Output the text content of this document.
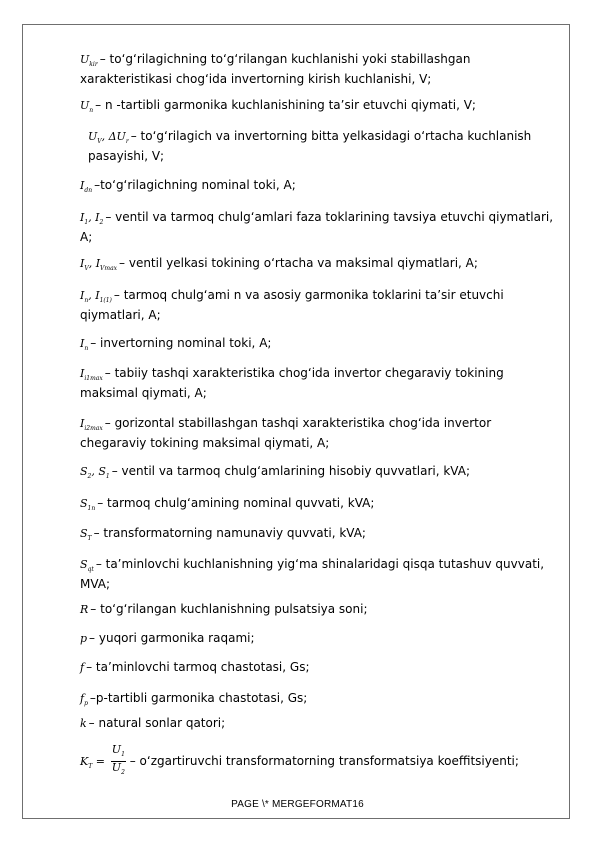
$U_{kir}$ – to‘g‘rilagichning to‘g‘rilangan kuchlanishi yoki stabillashgan xarakteristikasi chog‘ida invertorning kirish kuchlanishi, V;

$U_n$ – n -tartibli garmonika kuchlanishining ta’sir etuvchi qiymati, V;

$U_V$, $\Delta U_r$ – to‘g‘rilagich va invertorning bitta yelkasidagi o‘rtacha kuchlanish pasayishi, V;

$I_{dn}$ –to‘g‘rilagichning nominal toki, A;

$I_1$, $I_2$ – ventil va tarmoq chulg‘amlari faza toklarining tavsiya etuvchi qiymatlari, A;

$I_V$, $I_{Vmax}$ – ventil yelkasi tokining o‘rtacha va maksimal qiymatlari, A;

$I_n$, $I_{1(1)}$ – tarmoq chulg‘ami n va asosiy garmonika toklarini ta’sir etuvchi qiymatlari, A;

$I_n$ – invertorning nominal toki, A;

$I_{i1max}$ – tabiiy tashqi xarakteristika chog‘ida invertor chegaraviy tokining maksimal qiymati, A;

$I_{i2max}$ – gorizontal stabillashgan tashqi xarakteristika chog‘ida invertor chegaraviy tokining maksimal qiymati, A;

$S_2$, $S_1$ – ventil va tarmoq chulg‘amlarining hisobiy quvvatlari, kVA;

$S_{1n}$ – tarmoq chulg‘amining nominal quvvati, kVA;

$S_T$ – transformatorning namunaviy quvvati, kVA;

$S_{qt}$ – ta’minlovchi kuchlanishning yig‘ma shinalaridagi qisqa tutashuv quvvati, MVA;

R – to‘g‘rilangan kuchlanishning pulsatsiya soni;

p – yuqori garmonika raqami;

f – ta’minlovchi tarmoq chastotasi, Gs;

$f_p$ –p-tartibli garmonika chastotasi, Gs;

k – natural sonlar qatori;

$K_T = \frac{U_1}{U_2}$ – o‘zgartiruvchi transformatorning transformatsiya koeffitsiyenti;

PAGE \* MERGEFORMAT16
